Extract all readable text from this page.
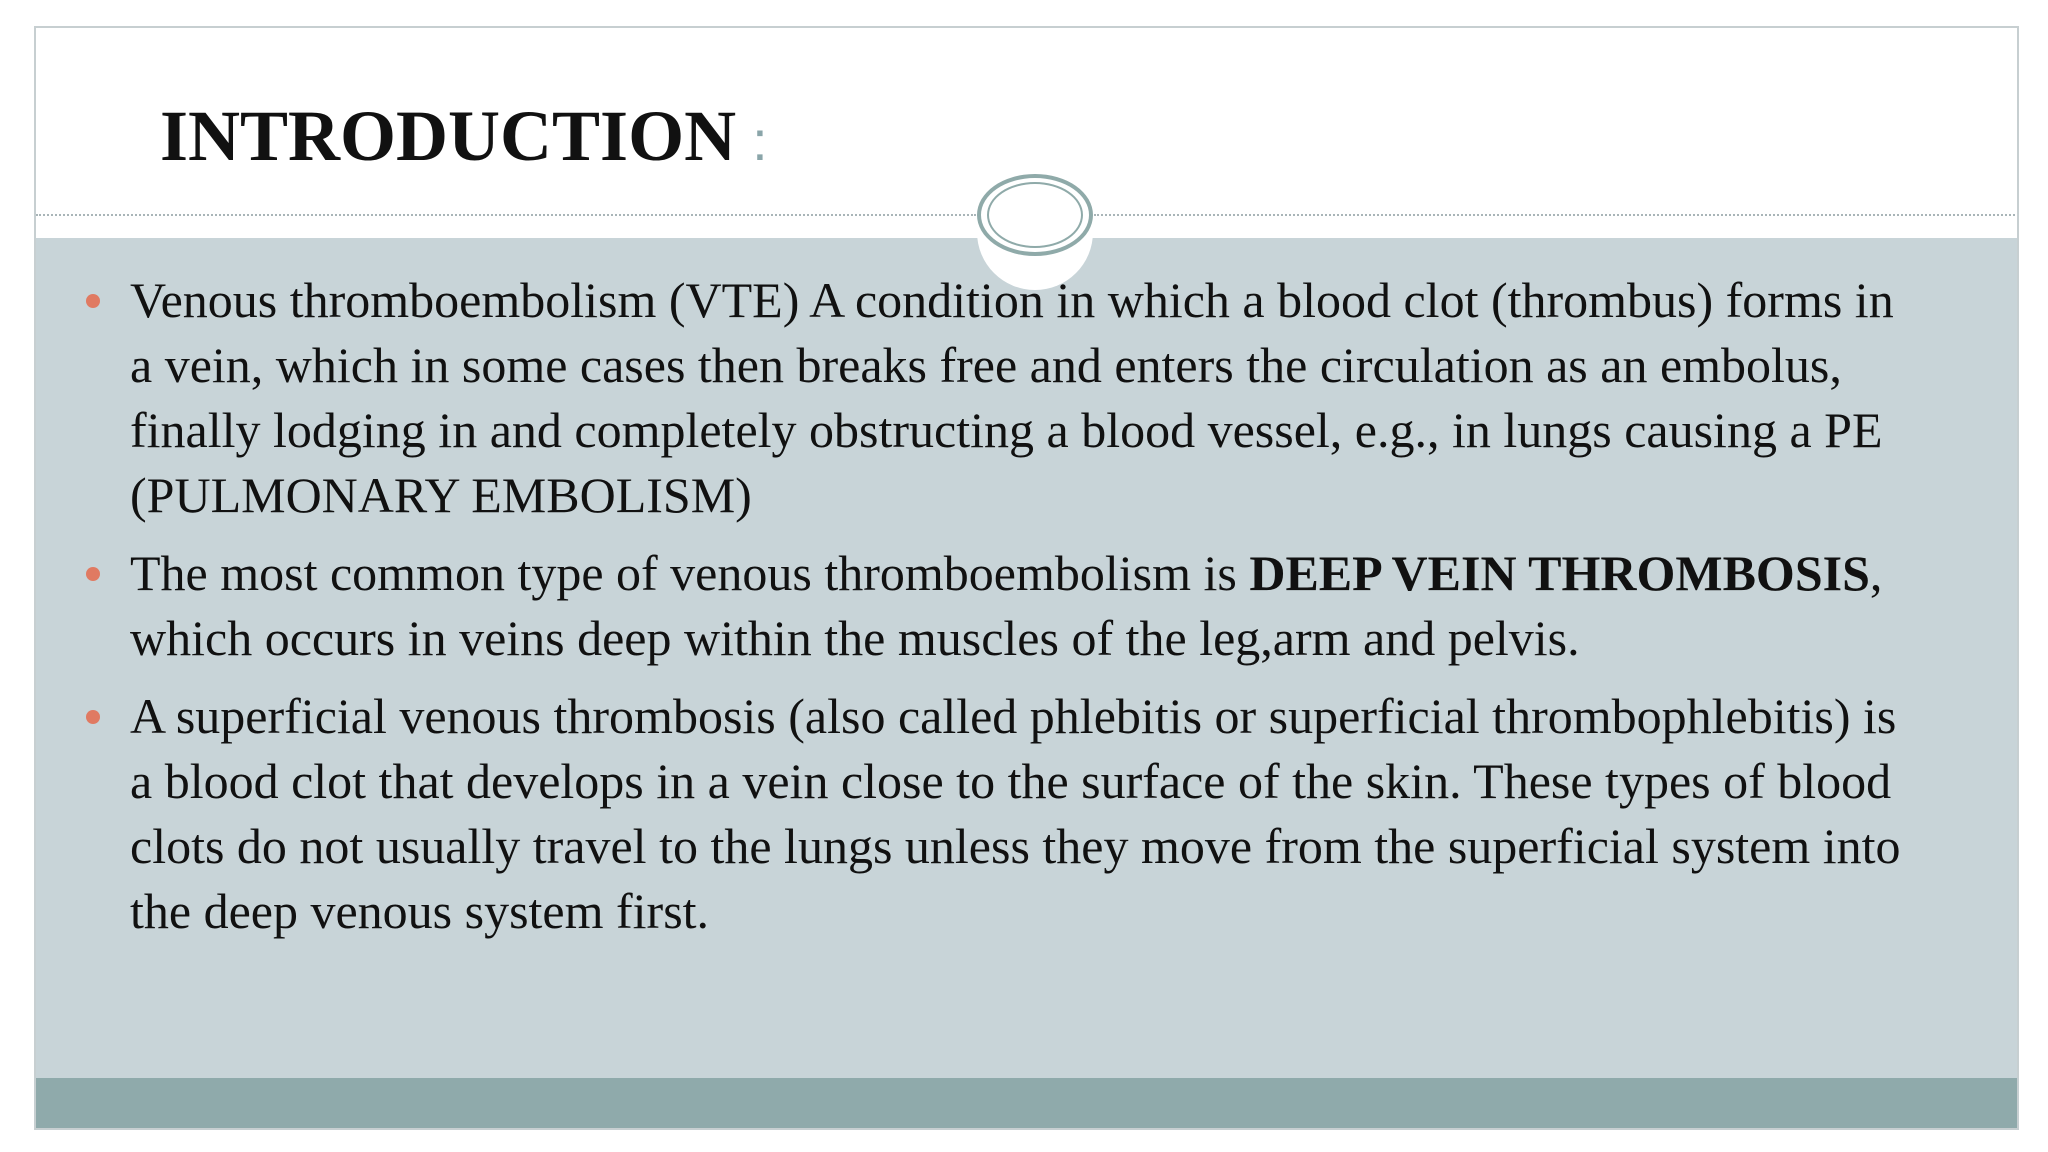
INTRODUCTION :
Venous thromboembolism (VTE) A condition in which a blood clot (thrombus) forms in a vein, which in some cases then breaks free and enters the circulation as an embolus, finally lodging in and completely obstructing a blood vessel, e.g., in lungs causing a PE (PULMONARY EMBOLISM)
The most common type of venous thromboembolism is DEEP VEIN THROMBOSIS, which occurs in veins deep within the muscles of the leg,arm and pelvis.
A superficial venous thrombosis (also called phlebitis or superficial thrombophlebitis) is a blood clot that develops in a vein close to the surface of the skin. These types of blood clots do not usually travel to the lungs unless they move from the superficial system into the deep venous system first.
